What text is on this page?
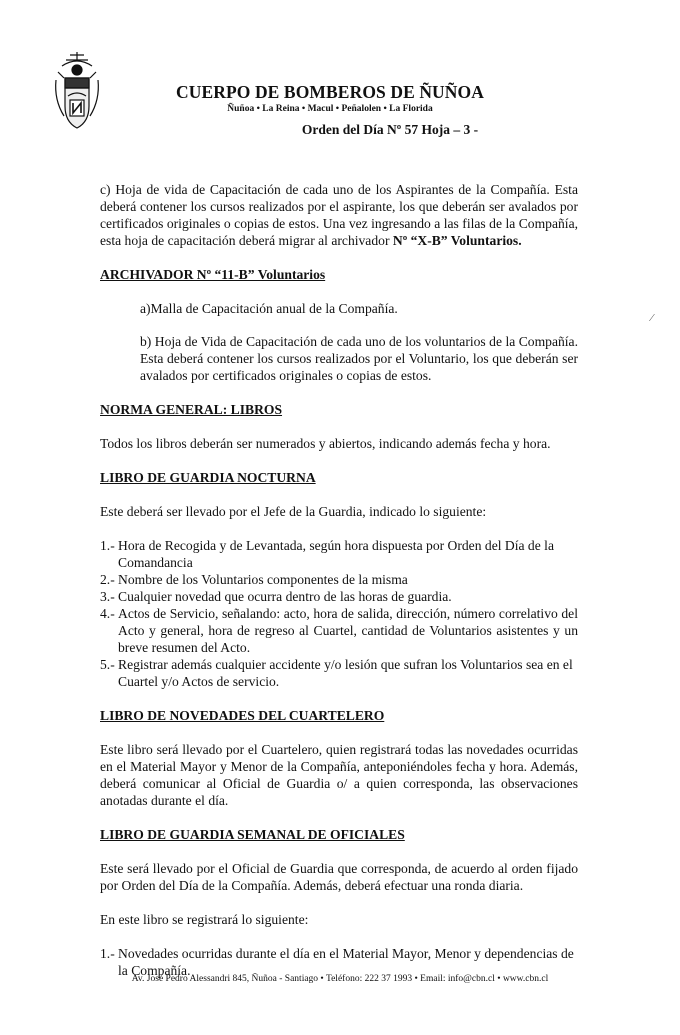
CUERPO DE BOMBEROS DE ÑUÑOA
Ñuñoa • La Reina • Macul • Peñalolen • La Florida
Orden del Día Nº 57 Hoja – 3 -
⁄

c) Hoja de vida de Capacitación de cada uno de los Aspirantes de la Compañía. Esta deberá contener los cursos realizados por el aspirante, los que deberán ser avalados por certificados originales o copias de estos. Una vez ingresando a las filas de la Compañía, esta hoja de capacitación deberá migrar al archivador Nº “X-B” Voluntarios.

ARCHIVADOR Nº “11-B” Voluntarios

a)Malla de Capacitación anual de la Compañía.

b) Hoja de Vida de Capacitación de cada uno de los voluntarios de la Compañía. Esta deberá contener los cursos realizados por el Voluntario, los que deberán ser avalados por certificados originales o copias de estos.

NORMA GENERAL: LIBROS

Todos los libros deberán ser numerados y abiertos, indicando además fecha y hora.

LIBRO DE GUARDIA NOCTURNA

Este deberá ser llevado por el Jefe de la Guardia, indicado lo siguiente:

1.- Hora de Recogida y de Levantada, según hora dispuesta por Orden del Día de la Comandancia
2.- Nombre de los Voluntarios componentes de la misma
3.- Cualquier novedad que ocurra dentro de las horas de guardia.
4.- Actos de Servicio, señalando: acto, hora de salida, dirección, número correlativo del Acto y general, hora de regreso al Cuartel, cantidad de Voluntarios asistentes y un breve resumen del Acto.
5.- Registrar además cualquier accidente y/o lesión que sufran los Voluntarios sea en el Cuartel y/o Actos de servicio.

LIBRO DE NOVEDADES DEL CUARTELERO

Este libro será llevado por el Cuartelero, quien registrará todas las novedades ocurridas en el Material Mayor y Menor de la Compañía, anteponiéndoles fecha y hora. Además, deberá comunicar al Oficial de Guardia o/ a quien corresponda, las observaciones anotadas durante el día.

LIBRO DE GUARDIA SEMANAL DE OFICIALES

Este será llevado por el Oficial de Guardia que corresponda, de acuerdo al orden fijado por Orden del Día de la Compañía. Además, deberá efectuar una ronda diaria.

En este libro se registrará lo siguiente:

1.- Novedades ocurridas durante el día en el Material Mayor, Menor y dependencias de la Compañía.
Av. José Pedro Alessandri 845, Ñuñoa - Santiago • Teléfono: 222 37 1993 • Email: info@cbn.cl • www.cbn.cl
